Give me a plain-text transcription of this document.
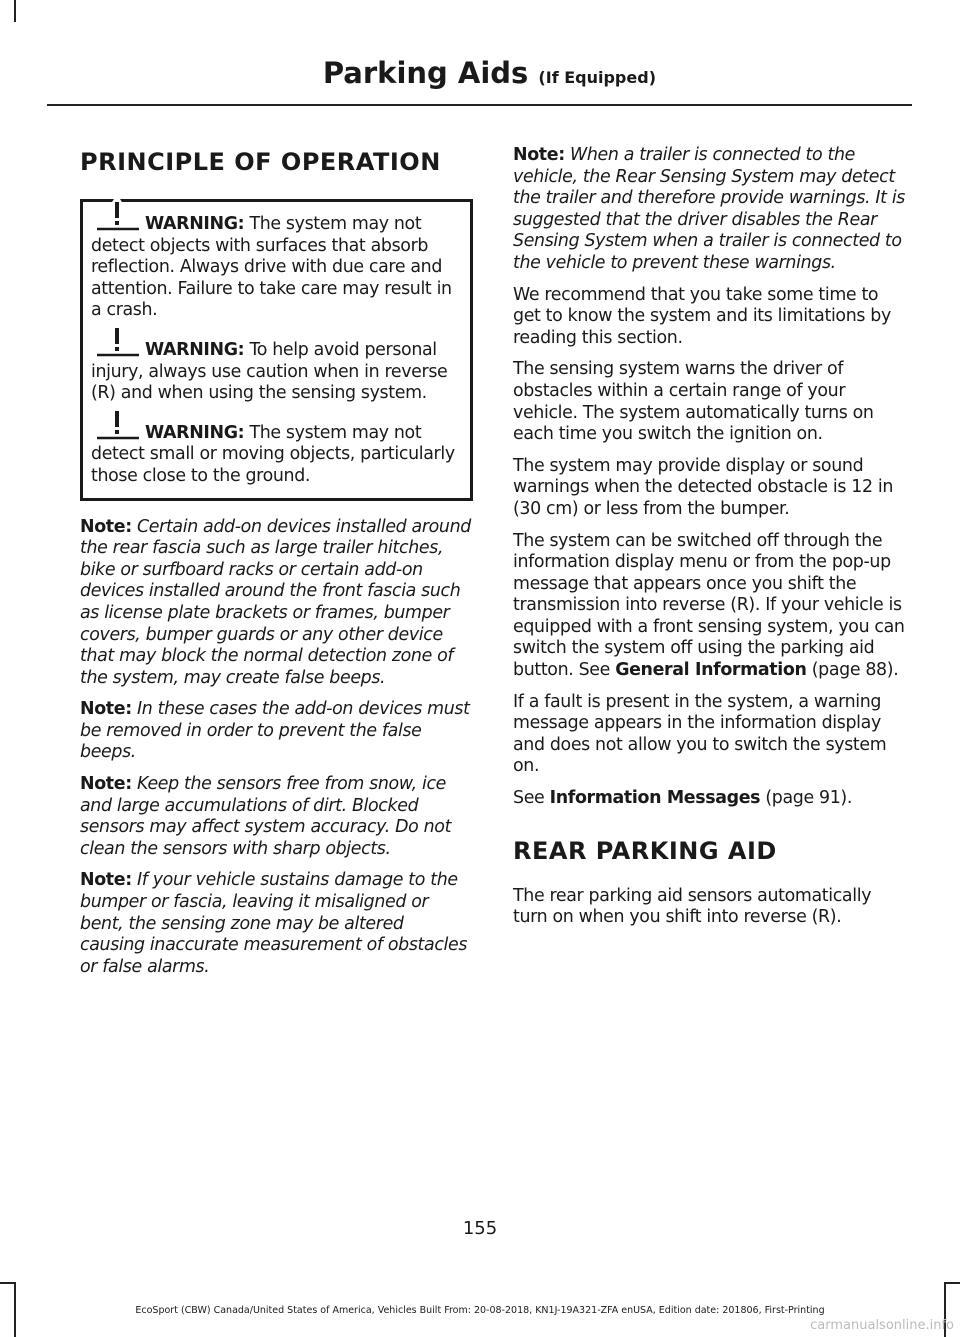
Parking Aids (If Equipped)
PRINCIPLE OF OPERATION

WARNING: The system may not detect objects with surfaces that absorb reflection. Always drive with due care and attention. Failure to take care may result in a crash.

WARNING: To help avoid personal injury, always use caution when in reverse (R) and when using the sensing system.

WARNING: The system may not detect small or moving objects, particularly those close to the ground.

Note: Certain add-on devices installed around the rear fascia such as large trailer hitches, bike or surfboard racks or certain add-on devices installed around the front fascia such as license plate brackets or frames, bumper covers, bumper guards or any other device that may block the normal detection zone of the system, may create false beeps.

Note: In these cases the add-on devices must be removed in order to prevent the false beeps.

Note: Keep the sensors free from snow, ice and large accumulations of dirt. Blocked sensors may affect system accuracy. Do not clean the sensors with sharp objects.

Note: If your vehicle sustains damage to the bumper or fascia, leaving it misaligned or bent, the sensing zone may be altered causing inaccurate measurement of obstacles or false alarms.

Note: When a trailer is connected to the vehicle, the Rear Sensing System may detect the trailer and therefore provide warnings. It is suggested that the driver disables the Rear Sensing System when a trailer is connected to the vehicle to prevent these warnings.

We recommend that you take some time to get to know the system and its limitations by reading this section.

The sensing system warns the driver of obstacles within a certain range of your vehicle. The system automatically turns on each time you switch the ignition on.

The system may provide display or sound warnings when the detected obstacle is 12 in (30 cm) or less from the bumper.

The system can be switched off through the information display menu or from the pop-up message that appears once you shift the transmission into reverse (R). If your vehicle is equipped with a front sensing system, you can switch the system off using the parking aid button. See General Information (page 88).

If a fault is present in the system, a warning message appears in the information display and does not allow you to switch the system on.

See Information Messages (page 91).

REAR PARKING AID

The rear parking aid sensors automatically turn on when you shift into reverse (R).

155
EcoSport (CBW) Canada/United States of America, Vehicles Built From: 20-08-2018, KN1J-19A321-ZFA enUSA, Edition date: 201806, First-Printing
carmanualsonline.info
